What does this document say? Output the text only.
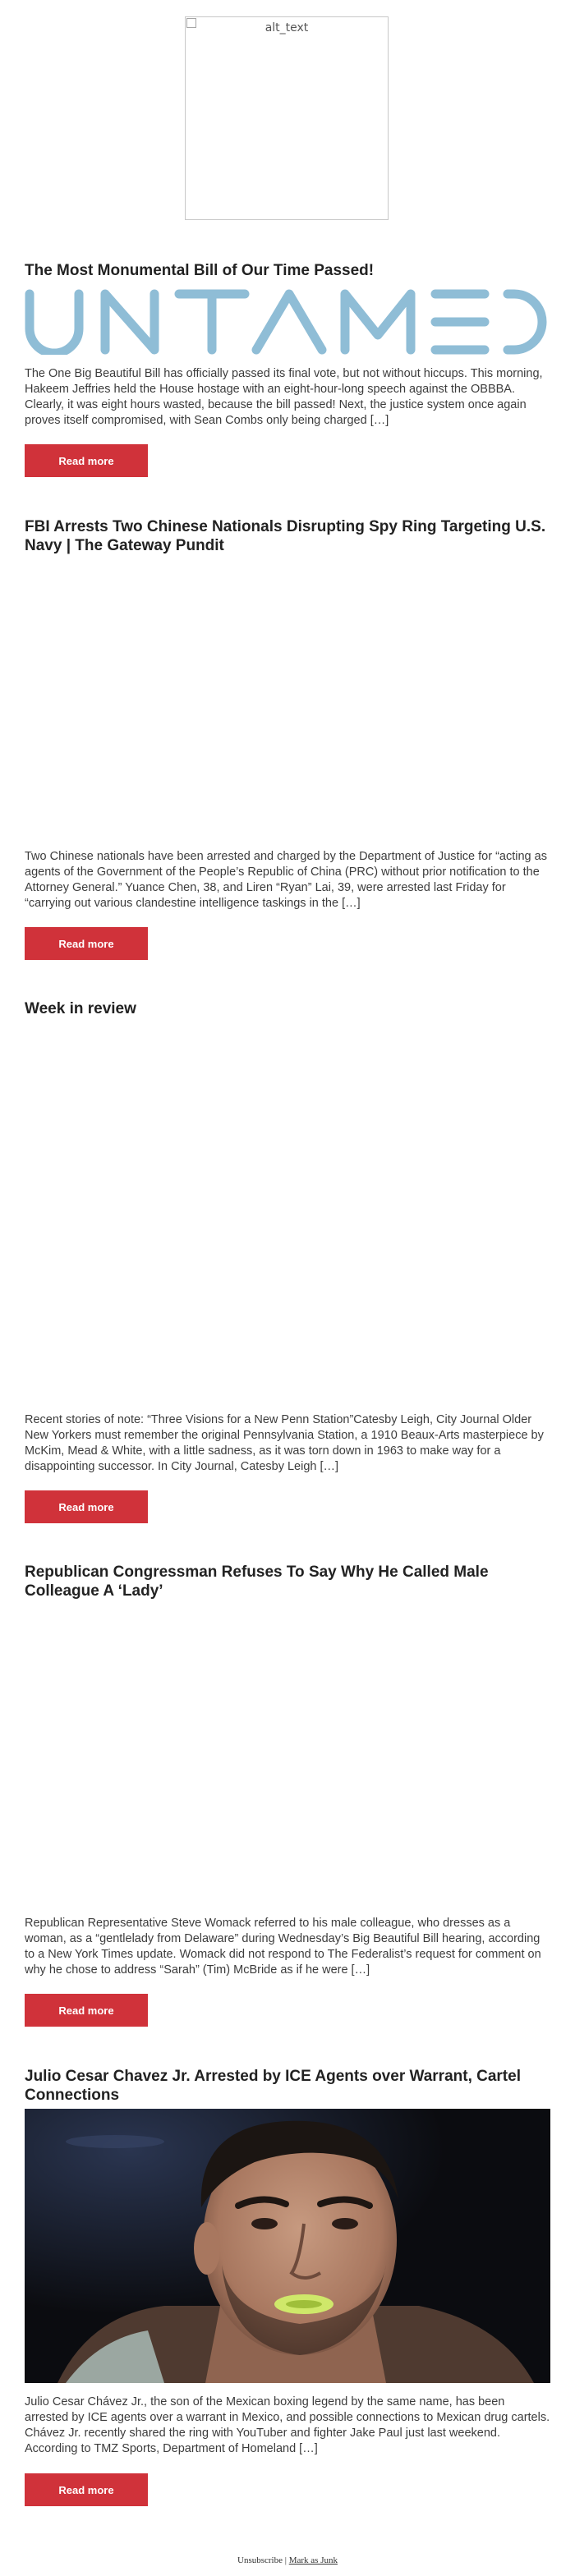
alt_text
The Most Monumental Bill of Our Time Passed!

The One Big Beautiful Bill has officially passed its final vote, but not without hiccups. This morning, Hakeem Jeffries held the House hostage with an eight-hour-long speech against the OBBBA. Clearly, it was eight hours wasted, because the bill passed! Next, the justice system once again proves itself compromised, with Sean Combs only being charged […]

Read more
FBI Arrests Two Chinese Nationals Disrupting Spy Ring Targeting U.S. Navy | The Gateway Pundit

Two Chinese nationals have been arrested and charged by the Department of Justice for “acting as agents of the Government of the People’s Republic of China (PRC) without prior notification to the Attorney General.” Yuance Chen, 38, and Liren “Ryan” Lai, 39, were arrested last Friday for “carrying out various clandestine intelligence taskings in the […]

Read more
Week in review

Recent stories of note: “Three Visions for a New Penn Station”Catesby Leigh, City Journal Older New Yorkers must remember the original Pennsylvania Station, a 1910 Beaux-Arts masterpiece by McKim, Mead & White, with a little sadness, as it was torn down in 1963 to make way for a disappointing successor. In City Journal, Catesby Leigh […]

Read more
Republican Congressman Refuses To Say Why He Called Male Colleague A ‘Lady’

Republican Representative Steve Womack referred to his male colleague, who dresses as a woman, as a “gentlelady from Delaware” during Wednesday’s Big Beautiful Bill hearing, according to a New York Times update. Womack did not respond to The Federalist’s request for comment on why he chose to address “Sarah” (Tim) McBride as if he were […]

Read more
Julio Cesar Chavez Jr. Arrested by ICE Agents over Warrant, Cartel Connections

Julio Cesar Chávez Jr., the son of the Mexican boxing legend by the same name, has been arrested by ICE agents over a warrant in Mexico, and possible connections to Mexican drug cartels. Chávez Jr. recently shared the ring with YouTuber and fighter Jake Paul just last weekend. According to TMZ Sports, Department of Homeland […]

Read more
Unsubscribe | Mark as Junk
